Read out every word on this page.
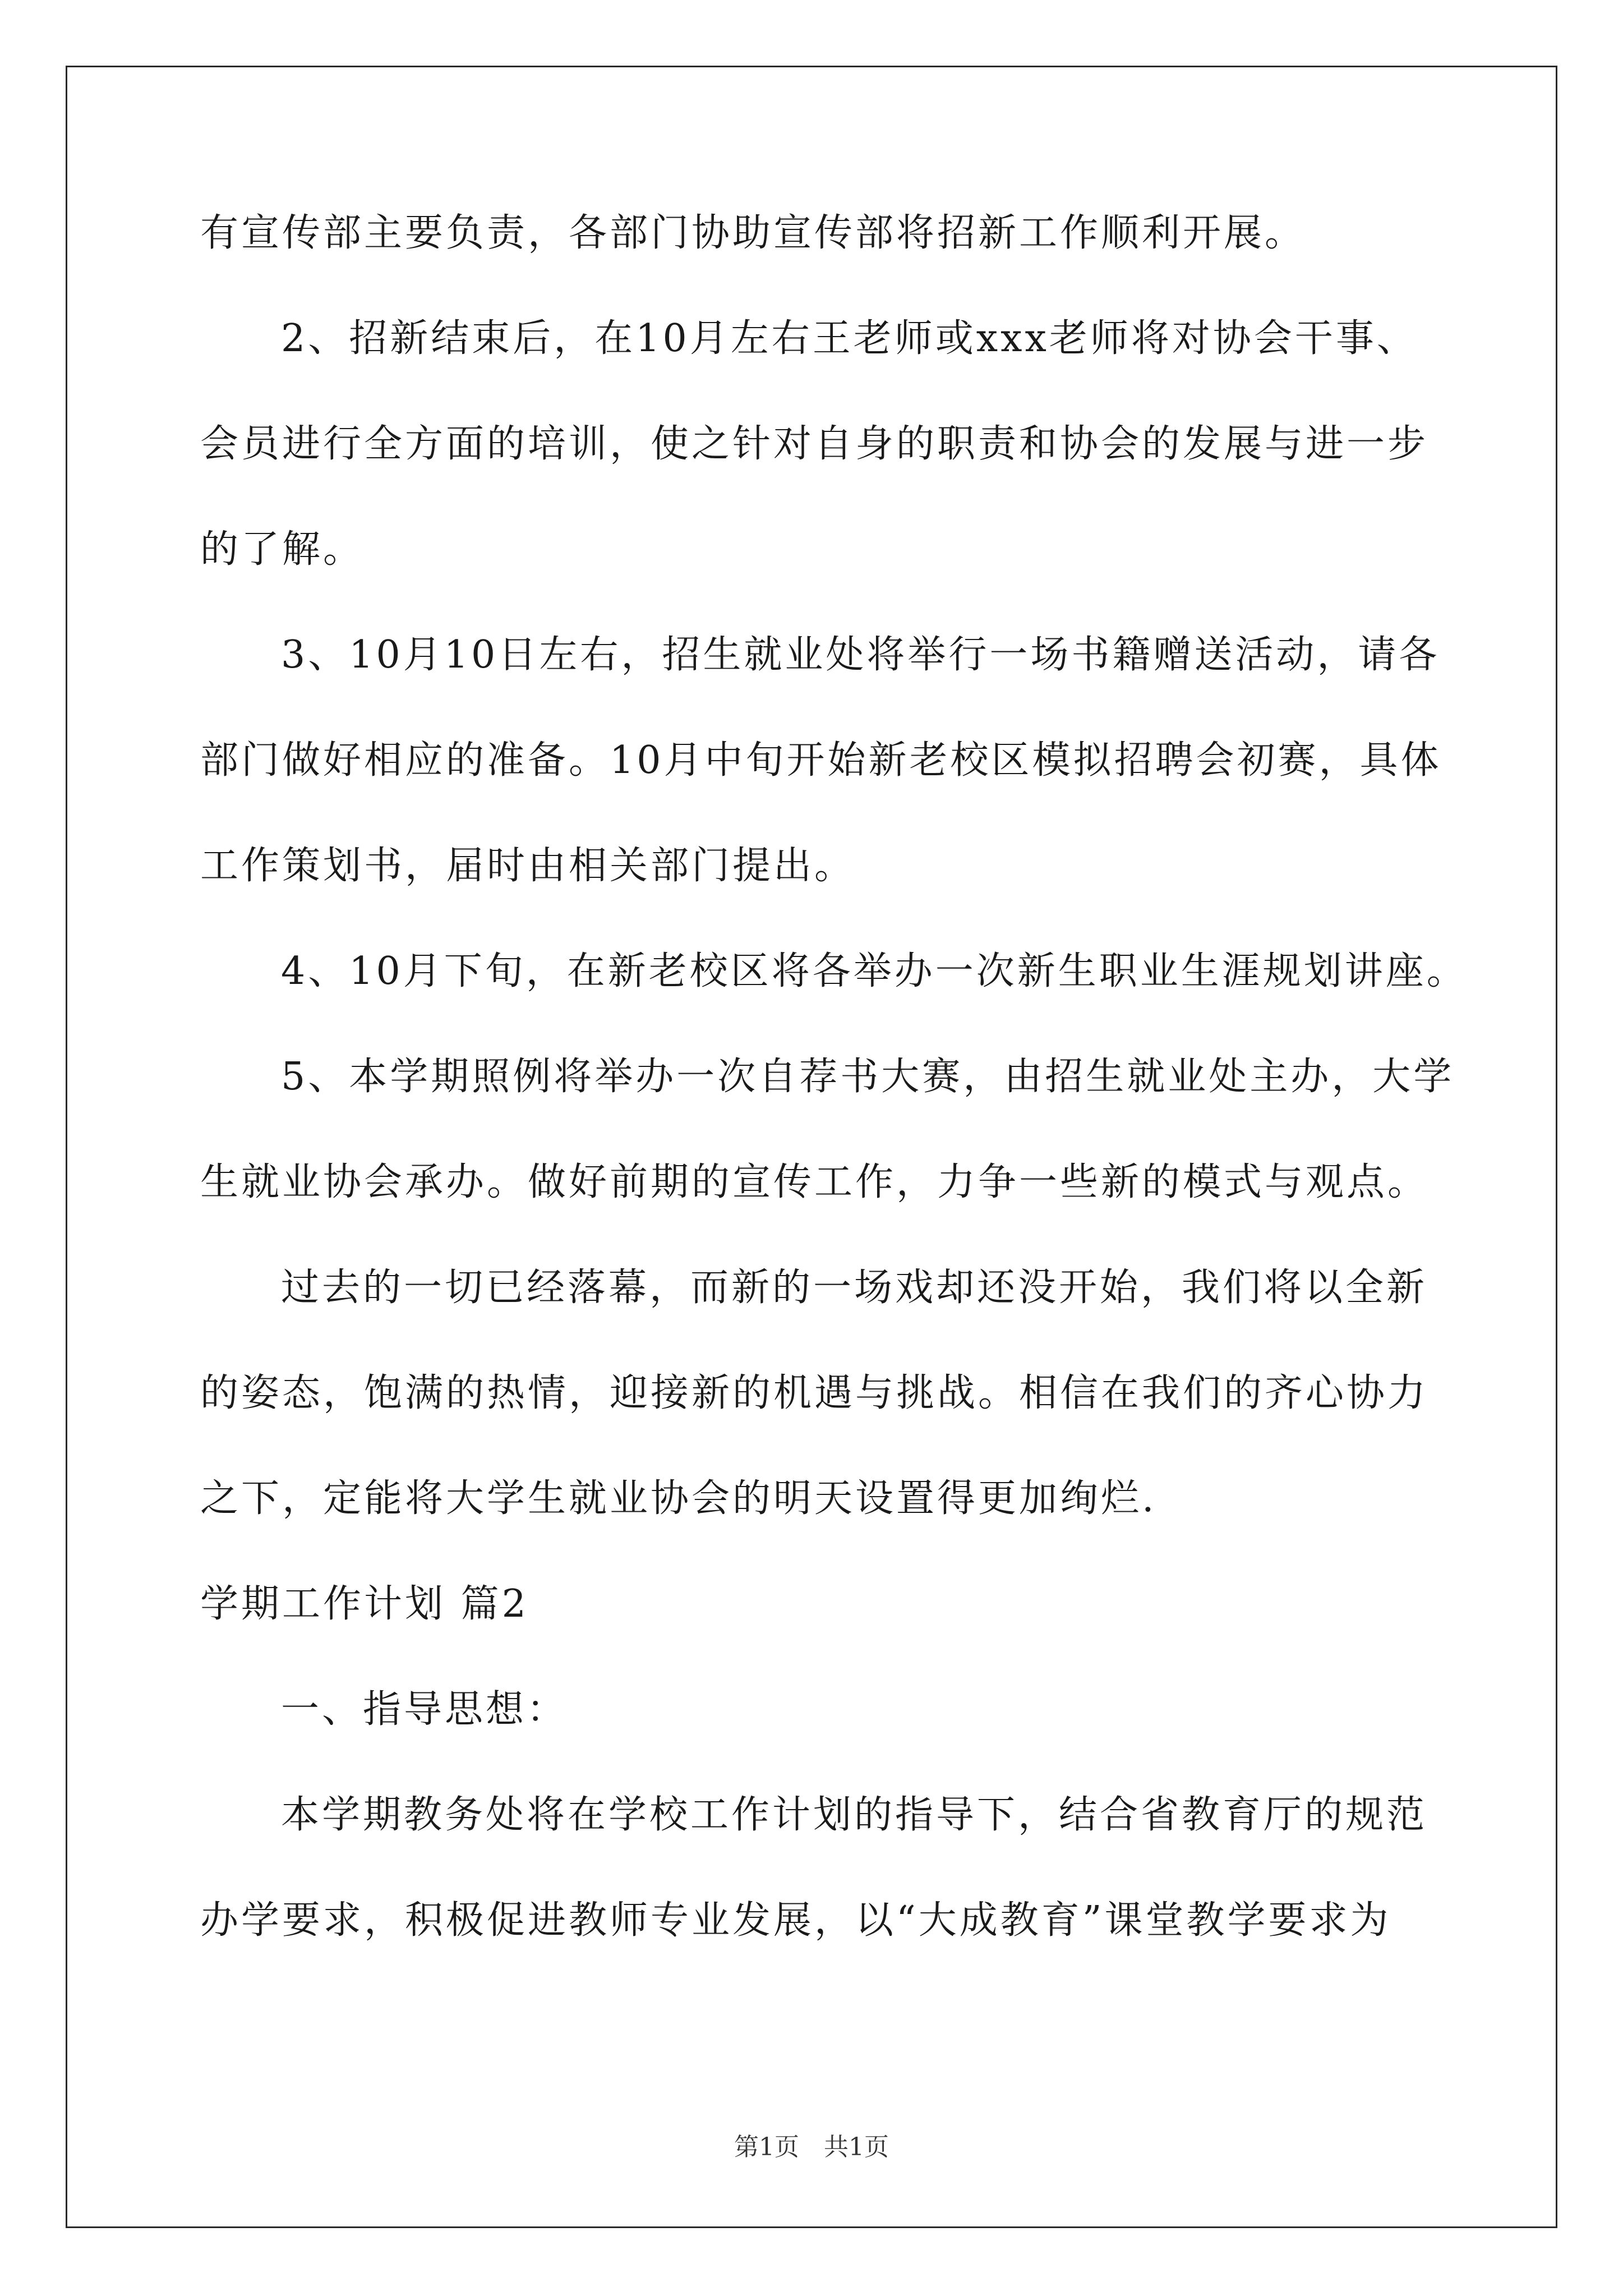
有宣传部主要负责，各部门协助宣传部将招新工作顺利开展。
2、招新结束后，在10月左右王老师或xxx老师将对协会干事、
会员进行全方面的培训，使之针对自身的职责和协会的发展与进一步
的了解。
3、10月10日左右，招生就业处将举行一场书籍赠送活动，请各
部门做好相应的准备。10月中旬开始新老校区模拟招聘会初赛，具体
工作策划书，届时由相关部门提出。
4、10月下旬，在新老校区将各举办一次新生职业生涯规划讲座。
5、本学期照例将举办一次自荐书大赛，由招生就业处主办，大学
生就业协会承办。做好前期的宣传工作，力争一些新的模式与观点。
过去的一切已经落幕，而新的一场戏却还没开始，我们将以全新
的姿态，饱满的热情，迎接新的机遇与挑战。相信在我们的齐心协力
之下，定能将大学生就业协会的明天设置得更加绚烂.
学期工作计划 篇2
一、指导思想：
本学期教务处将在学校工作计划的指导下，结合省教育厅的规范
办学要求，积极促进教师专业发展，以“大成教育”课堂教学要求为
第1页　共1页
